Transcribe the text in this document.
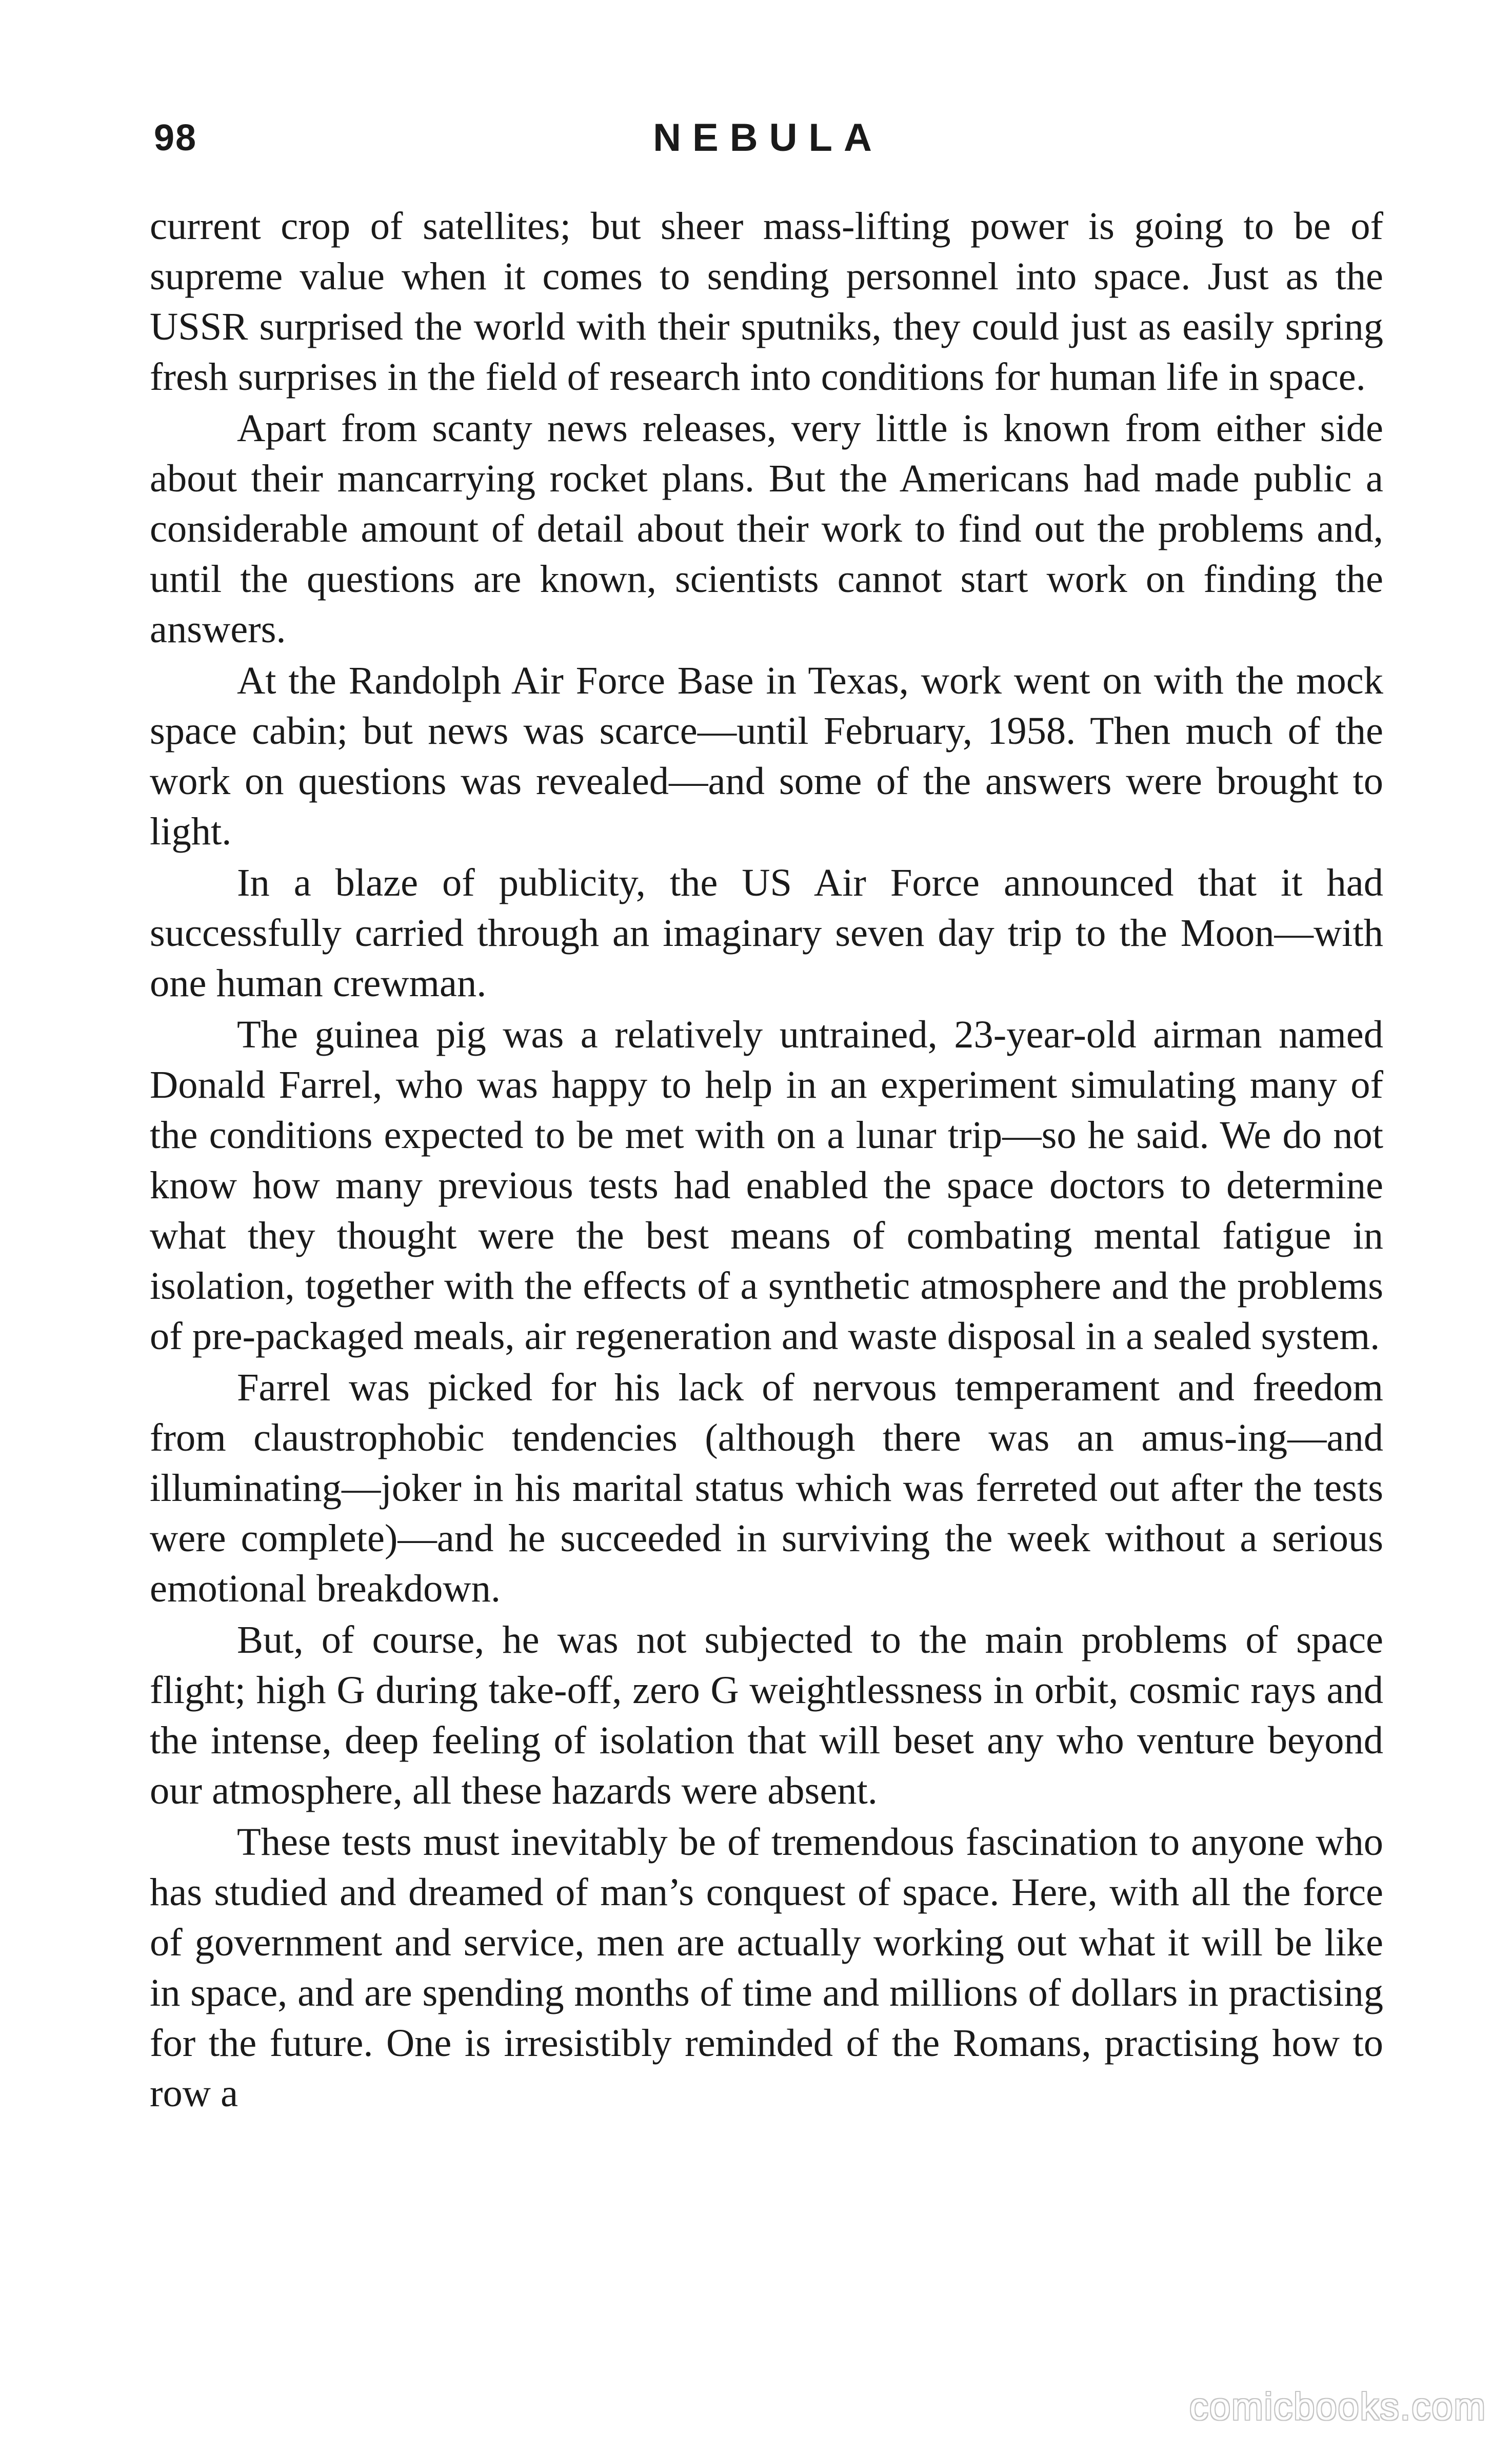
98	NEBULA

current crop of satellites; but sheer mass-lifting power is going to be of supreme value when it comes to sending personnel into space. Just as the USSR surprised the world with their sputniks, they could just as easily spring fresh surprises in the field of research into conditions for human life in space.

Apart from scanty news releases, very little is known from either side about their mancarrying rocket plans. But the Americans had made public a considerable amount of detail about their work to find out the problems and, until the questions are known, scientists cannot start work on finding the answers.

At the Randolph Air Force Base in Texas, work went on with the mock space cabin; but news was scarce—until February, 1958. Then much of the work on questions was revealed—and some of the answers were brought to light.

In a blaze of publicity, the US Air Force announced that it had successfully carried through an imaginary seven day trip to the Moon—with one human crewman.

The guinea pig was a relatively untrained, 23-year-old airman named Donald Farrel, who was happy to help in an experiment simulating many of the conditions expected to be met with on a lunar trip—so he said. We do not know how many previous tests had enabled the space doctors to determine what they thought were the best means of combating mental fatigue in isolation, together with the effects of a synthetic atmosphere and the problems of pre-packaged meals, air regeneration and waste disposal in a sealed system.

Farrel was picked for his lack of nervous temperament and freedom from claustrophobic tendencies (although there was an amus-ing—and illuminating—joker in his marital status which was ferreted out after the tests were complete)—and he succeeded in surviving the week without a serious emotional breakdown.

But, of course, he was not subjected to the main problems of space flight; high G during take-off, zero G weightlessness in orbit, cosmic rays and the intense, deep feeling of isolation that will beset any who venture beyond our atmosphere, all these hazards were absent.

These tests must inevitably be of tremendous fascination to anyone who has studied and dreamed of man’s conquest of space. Here, with all the force of government and service, men are actually working out what it will be like in space, and are spending months of time and millions of dollars in practising for the future. One is irresistibly reminded of the Romans, practising how to row a

comicbooks.com
